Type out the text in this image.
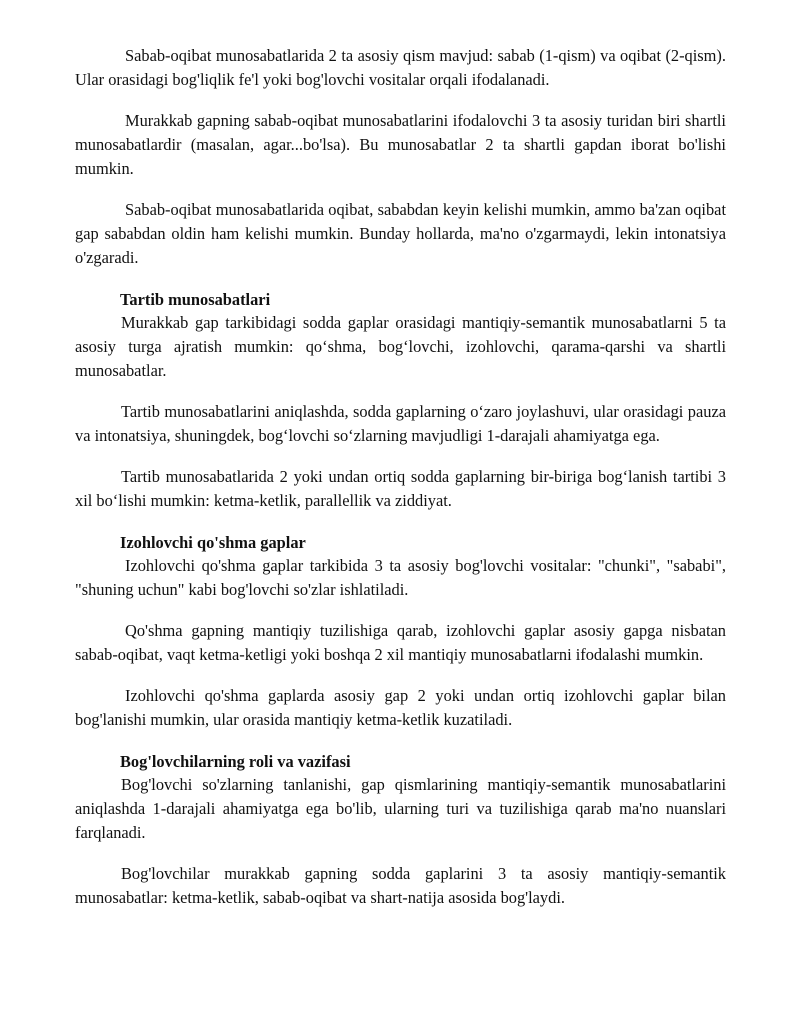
Sabab-oqibat munosabatlarida 2 ta asosiy qism mavjud: sabab (1-qism) va oqibat (2-qism). Ular orasidagi bog'liqlik fe'l yoki bog'lovchi vositalar orqali ifodalanadi.

Murakkab gapning sabab-oqibat munosabatlarini ifodalovchi 3 ta asosiy turidan biri shartli munosabatlardir (masalan, agar...bo'lsa). Bu munosabatlar 2 ta shartli gapdan iborat bo'lishi mumkin.

Sabab-oqibat munosabatlarida oqibat, sababdan keyin kelishi mumkin, ammo ba'zan oqibat gap sababdan oldin ham kelishi mumkin. Bunday hollarda, ma'no o'zgarmaydi, lekin intonatsiya o'zgaradi.

Tartib munosabatlari

Murakkab gap tarkibidagi sodda gaplar orasidagi mantiqiy-semantik munosabatlarni 5 ta asosiy turga ajratish mumkin: qo‘shma, bog‘lovchi, izohlovchi, qarama-qarshi va shartli munosabatlar.

Tartib munosabatlarini aniqlashda, sodda gaplarning o‘zaro joylashuvi, ular orasidagi pauza va intonatsiya, shuningdek, bog‘lovchi so‘zlarning mavjudligi 1-darajali ahamiyatga ega.

Tartib munosabatlarida 2 yoki undan ortiq sodda gaplarning bir-biriga bog‘lanish tartibi 3 xil bo‘lishi mumkin: ketma-ketlik, parallellik va ziddiyat.

Izohlovchi qo'shma gaplar

Izohlovchi qo'shma gaplar tarkibida 3 ta asosiy bog'lovchi vositalar: "chunki", "sababi", "shuning uchun" kabi bog'lovchi so'zlar ishlatiladi.

Qo'shma gapning mantiqiy tuzilishiga qarab, izohlovchi gaplar asosiy gapga nisbatan sabab-oqibat, vaqt ketma-ketligi yoki boshqa 2 xil mantiqiy munosabatlarni ifodalashi mumkin.

Izohlovchi qo'shma gaplarda asosiy gap 2 yoki undan ortiq izohlovchi gaplar bilan bog'lanishi mumkin, ular orasida mantiqiy ketma-ketlik kuzatiladi.

Bog'lovchilarning roli va vazifasi

Bog'lovchi so'zlarning tanlanishi, gap qismlarining mantiqiy-semantik munosabatlarini aniqlashda 1-darajali ahamiyatga ega bo'lib, ularning turi va tuzilishiga qarab ma'no nuanslari farqlanadi.

Bog'lovchilar murakkab gapning sodda gaplarini 3 ta asosiy mantiqiy-semantik munosabatlar: ketma-ketlik, sabab-oqibat va shart-natija asosida bog'laydi.
